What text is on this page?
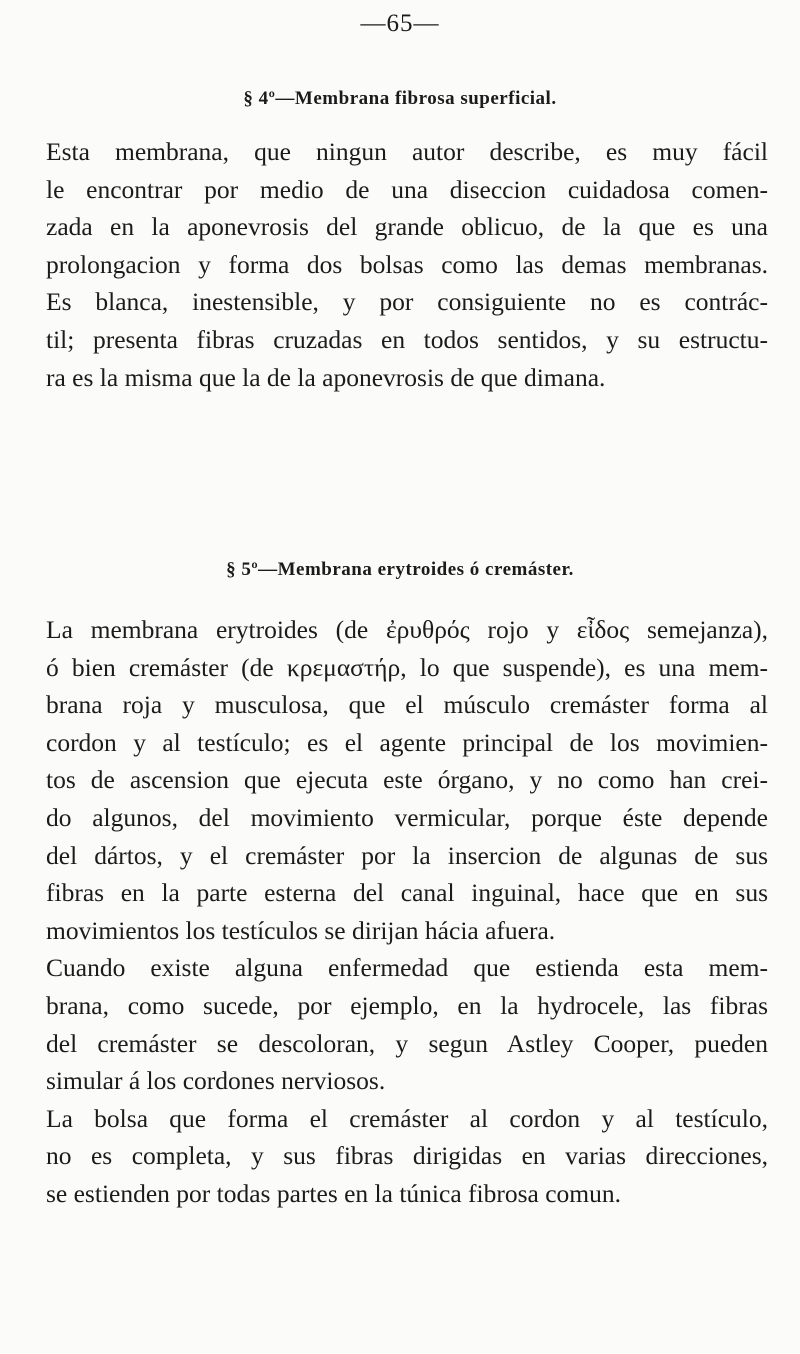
—65—
§ 4º—Membrana fibrosa superficial.
Esta membrana, que ningun autor describe, es muy fácil
le encontrar por medio de una diseccion cuidadosa comen-
zada en la aponevrosis del grande oblicuo, de la que es una
prolongacion y forma dos bolsas como las demas membranas.
Es blanca, inestensible, y por consiguiente no es contrác-
til; presenta fibras cruzadas en todos sentidos, y su estructu-
ra es la misma que la de la aponevrosis de que dimana.
§ 5º—Membrana erytroides ó cremáster.
La membrana erytroides (de ἐρυθρός rojo y εἶδος semejanza),
ó bien cremáster (de κρεμαστήρ, lo que suspende), es una mem-
brana roja y musculosa, que el músculo cremáster forma al
cordon y al testículo; es el agente principal de los movimien-
tos de ascension que ejecuta este órgano, y no como han crei-
do algunos, del movimiento vermicular, porque éste depende
del dártos, y el cremáster por la insercion de algunas de sus
fibras en la parte esterna del canal inguinal, hace que en sus
movimientos los testículos se dirijan hácia afuera.
Cuando existe alguna enfermedad que estienda esta mem-
brana, como sucede, por ejemplo, en la hydrocele, las fibras
del cremáster se descoloran, y segun Astley Cooper, pueden
simular á los cordones nerviosos.
La bolsa que forma el cremáster al cordon y al testículo,
no es completa, y sus fibras dirigidas en varias direcciones,
se estienden por todas partes en la túnica fibrosa comun.
